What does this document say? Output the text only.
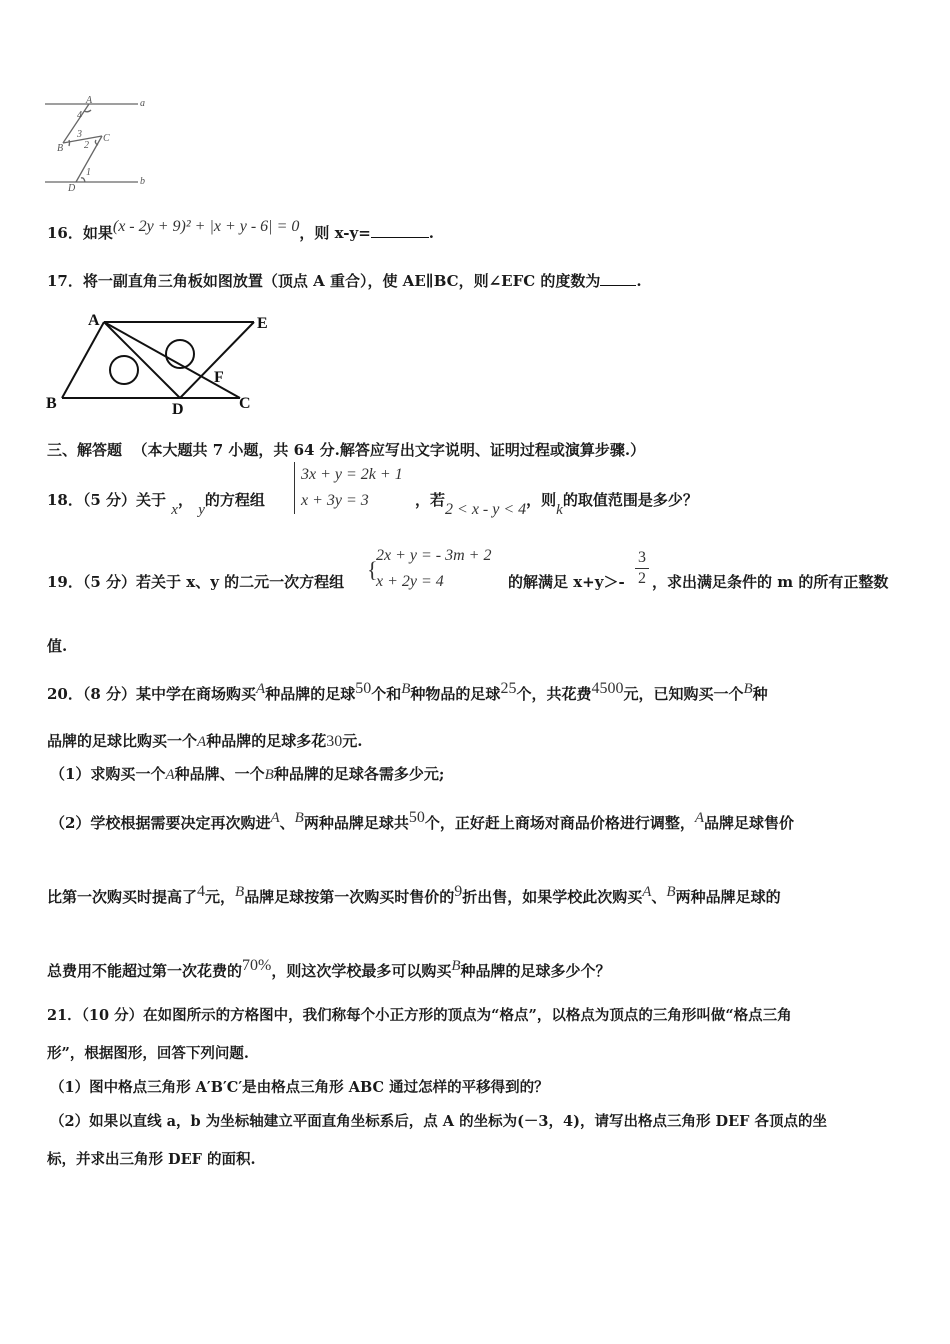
A	a
4
3 C
B 2
1
D
b
16．如果(x - 2y + 9)² + |x + y - 6| = 0，则 x-y=	.
17．将一副直角三角板如图放置（顶点 A 重合），使 AE∥BC，则∠EFC 的度数为 .
A	E
F
B	D	C
三、解答题 （本大题共 7 小题，共 64 分.解答应写出文字说明、证明过程或演算步骤.）
18．（5 分）关于 x， y的方程组
3x + y = 2k + 1
x + 3y = 3	，若2 < x - y < 4，则k的取值范围是多少？
19．（5 分）若关于 x、y 的二元一次方程组 {
2x + y = - 3m + 2
x + 2y = 4	的解满足 x+y＞-
3
2 ，求出满足条件的 m 的所有正整数
值.
20．（8 分）某中学在商场购买$^A$种品牌的足球$^{50}$个和$^B$种物品的足球$^{25}$个，共花费$^{4500}$元，已知购买一个$^B$种
品牌的足球比购买一个A种品牌的足球多花30元.
（1）求购买一个A种品牌、一个B种品牌的足球各需多少元;
（2）学校根据需要决定再次购进$^A$、$^B$两种品牌足球共$^{50}$个，正好赶上商场对商品价格进行调整，$^A$品牌足球售价
比第一次购买时提高了$^4$元，$^B$品牌足球按第一次购买时售价的$^9$折出售，如果学校此次购买$^A$、$^B$两种品牌足球的
总费用不能超过第一次花费的$^{70\%}$，则这次学校最多可以购买$^B$种品牌的足球多少个？
21．（10 分）在如图所示的方格图中，我们称每个小正方形的顶点为“格点”，以格点为顶点的三角形叫做“格点三角
形”，根据图形，回答下列问题.
（1）图中格点三角形 A′B′C′是由格点三角形 ABC 通过怎样的平移得到的？
（2）如果以直线 a，b 为坐标轴建立平面直角坐标系后，点 A 的坐标为(－3，4)，请写出格点三角形 DEF 各顶点的坐
标，并求出三角形 DEF 的面积.
